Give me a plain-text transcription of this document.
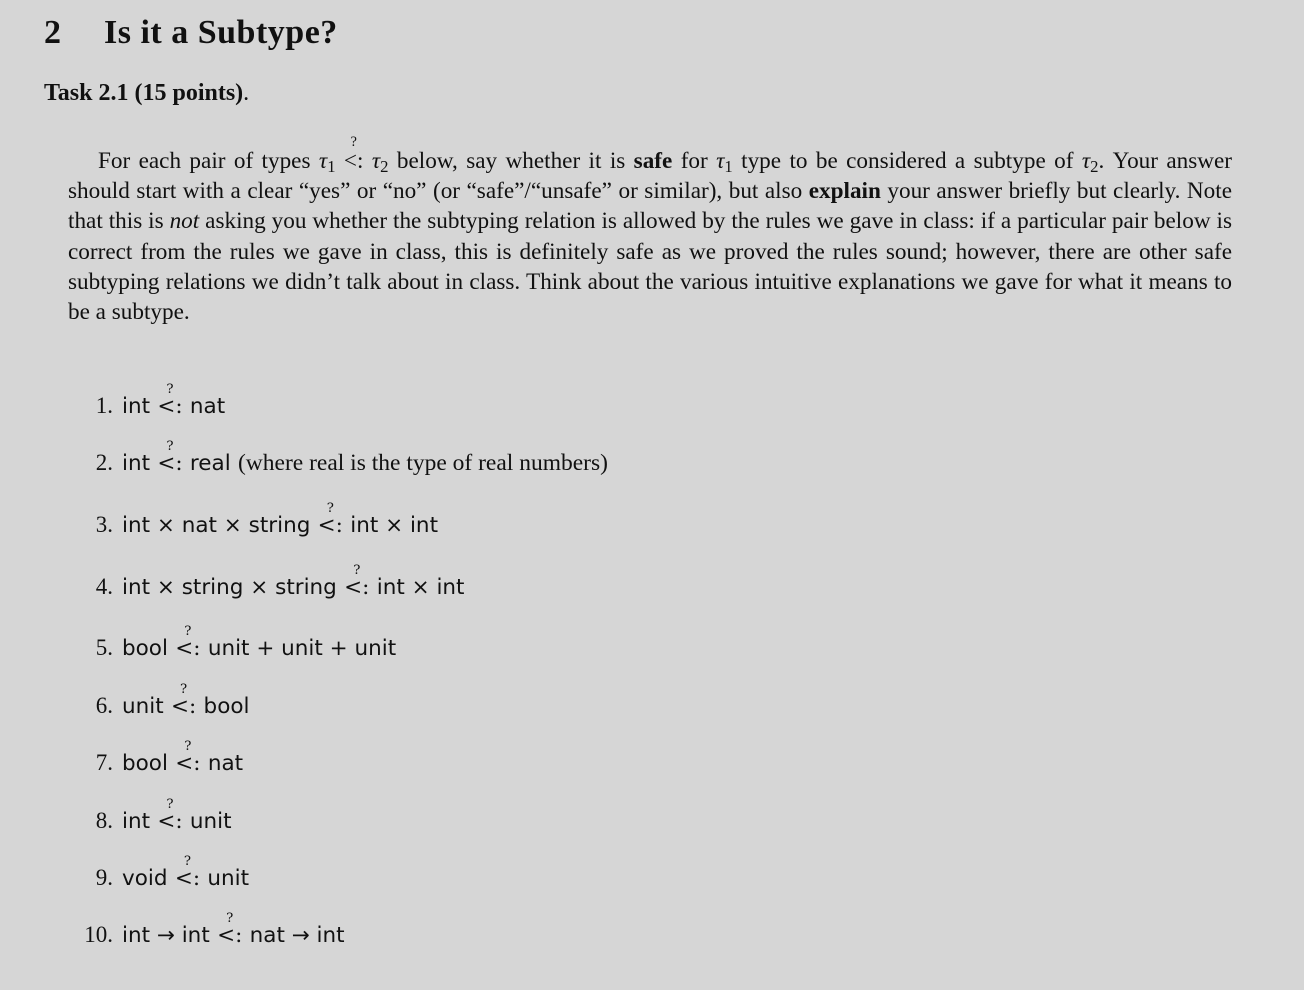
2 Is it a Subtype?
Task 2.1 (15 points).
For each pair of types $\tau_1$
?
<: $\tau_2$ below, say whether it is safe for $\tau_1$ type to be considered a subtype of $\tau_2$. Your answer should start with a clear “yes” or “no” (or “safe”/“unsafe” or similar), but also explain your answer briefly but clearly. Note that this is not asking you whether the subtyping relation is allowed by the rules we gave in class: if a particular pair below is correct from the rules we gave in class, this is definitely safe as we proved the rules sound; however, there are other safe subtyping relations we didn’t talk about in class. Think about the various intuitive explanations we gave for what it means to be a subtype.
1. int
?
<: nat
2. int
?
<: real (where real is the type of real numbers)
3. int × nat × string
?
<: int × int
4. int × string × string
?
<: int × int
5. bool
?
<: unit + unit + unit
6. unit
?
<: bool
7. bool
?
<: nat
8. int
?
<: unit
9. void
?
<: unit
10. int → int
?
<: nat → int
